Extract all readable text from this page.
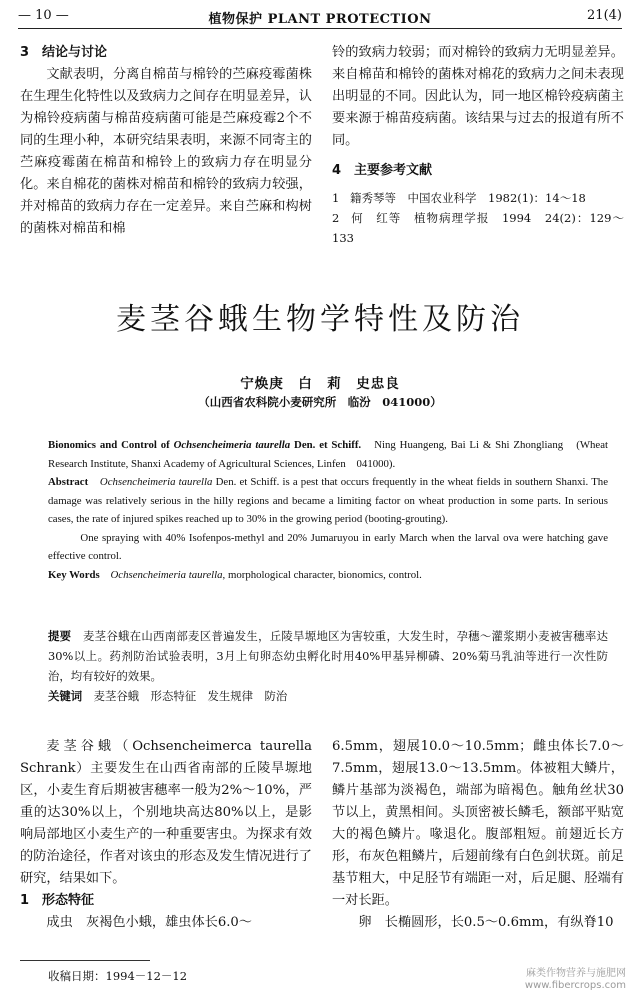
— 10 —	植物保护 PLANT PROTECTION	21(4)

3　结论与讨论

文献表明，分离自棉苗与棉铃的苎麻疫霉菌株在生理生化特性以及致病力之间存在明显差异，认为棉铃疫病菌与棉苗疫病菌可能是苎麻疫霉2个不同的生理小种，本研究结果表明，来源不同寄主的苎麻疫霉菌在棉苗和棉铃上的致病力存在明显分化。来自棉花的菌株对棉苗和棉铃的致病力较强，并对棉苗的致病力存在一定差异。来自苎麻和构树的菌株对棉苗和棉

铃的致病力较弱；而对棉铃的致病力无明显差异。来自棉苗和棉铃的菌株对棉花的致病力之间未表现出明显的不同。因此认为，同一地区棉铃疫病菌主要来源于棉苗疫病菌。该结果与过去的报道有所不同。

4　主要参考文献

1 籍秀琴等　中国农业科学　1982(1)：14～18
2 何　红等　植物病理学报　1994　24(2)：129～133
麦茎谷蛾生物学特性及防治
宁焕庚　白　莉　史忠良
（山西省农科院小麦研究所　临汾　041000）

Bionomics and Control of Ochsencheimeria taurella Den. et Schiff.　 Ning Huangeng, Bai Li & Shi Zhongliang　(Wheat Research Institute, Shanxi Academy of Agricultural Sciences, Linfen　041000).

Abstract　 Ochsencheimeria taurella Den. et Schiff. is a pest that occurs frequently in the wheat fields in southern Shanxi. The damage was relatively serious in the hilly regions and became a limiting factor on wheat production in some parts. In serious cases, the rate of injured spikes reached up to 30% in the growing period (booting-grouting).

One spraying with 40% Isofenpos-methyl and 20% Jumaruyou in early March when the larval ova were hatching gave effective control.

Key Words　 Ochsencheimeria taurella, morphological character, bionomics, control.

提要　 麦茎谷蛾在山西南部麦区普遍发生，丘陵旱塬地区为害较重，大发生时，孕穗～灌浆期小麦被害穗率达30%以上。药剂防治试验表明，3月上旬卵态幼虫孵化时用40%甲基异柳磷、20%菊马乳油等进行一次性防治，均有较好的效果。

关键词　 麦茎谷蛾　形态特征　发生规律　防治

麦茎谷蛾（Ochsencheimerca taurella Schrank）主要发生在山西省南部的丘陵旱塬地区，小麦生育后期被害穗率一般为2%～10%，严重的达30%以上，个别地块高达80%以上，是影响局部地区小麦生产的一种重要害虫。为探求有效的防治途径，作者对该虫的形态及发生情况进行了研究，结果如下。

1　形态特征

成虫　灰褐色小蛾，雄虫体长6.0～

6.5mm，翅展10.0～10.5mm；雌虫体长7.0～7.5mm，翅展13.0～13.5mm。体被粗大鳞片，鳞片基部为淡褐色，端部为暗褐色。触角丝状30节以上，黄黑相间。头顶密被长鳞毛，额部平贴宽大的褐色鳞片。喙退化。腹部粗短。前翅近长方形，布灰色粗鳞片，后翅前缘有白色剑状斑。前足基节粗大，中足胫节有端距一对，后足腿、胫端有一对长距。

卵　长椭圆形，长0.5～0.6mm，有纵脊10

收稿日期：1994－12－12	麻类作物营养与施肥网
www.fibercrops.com
